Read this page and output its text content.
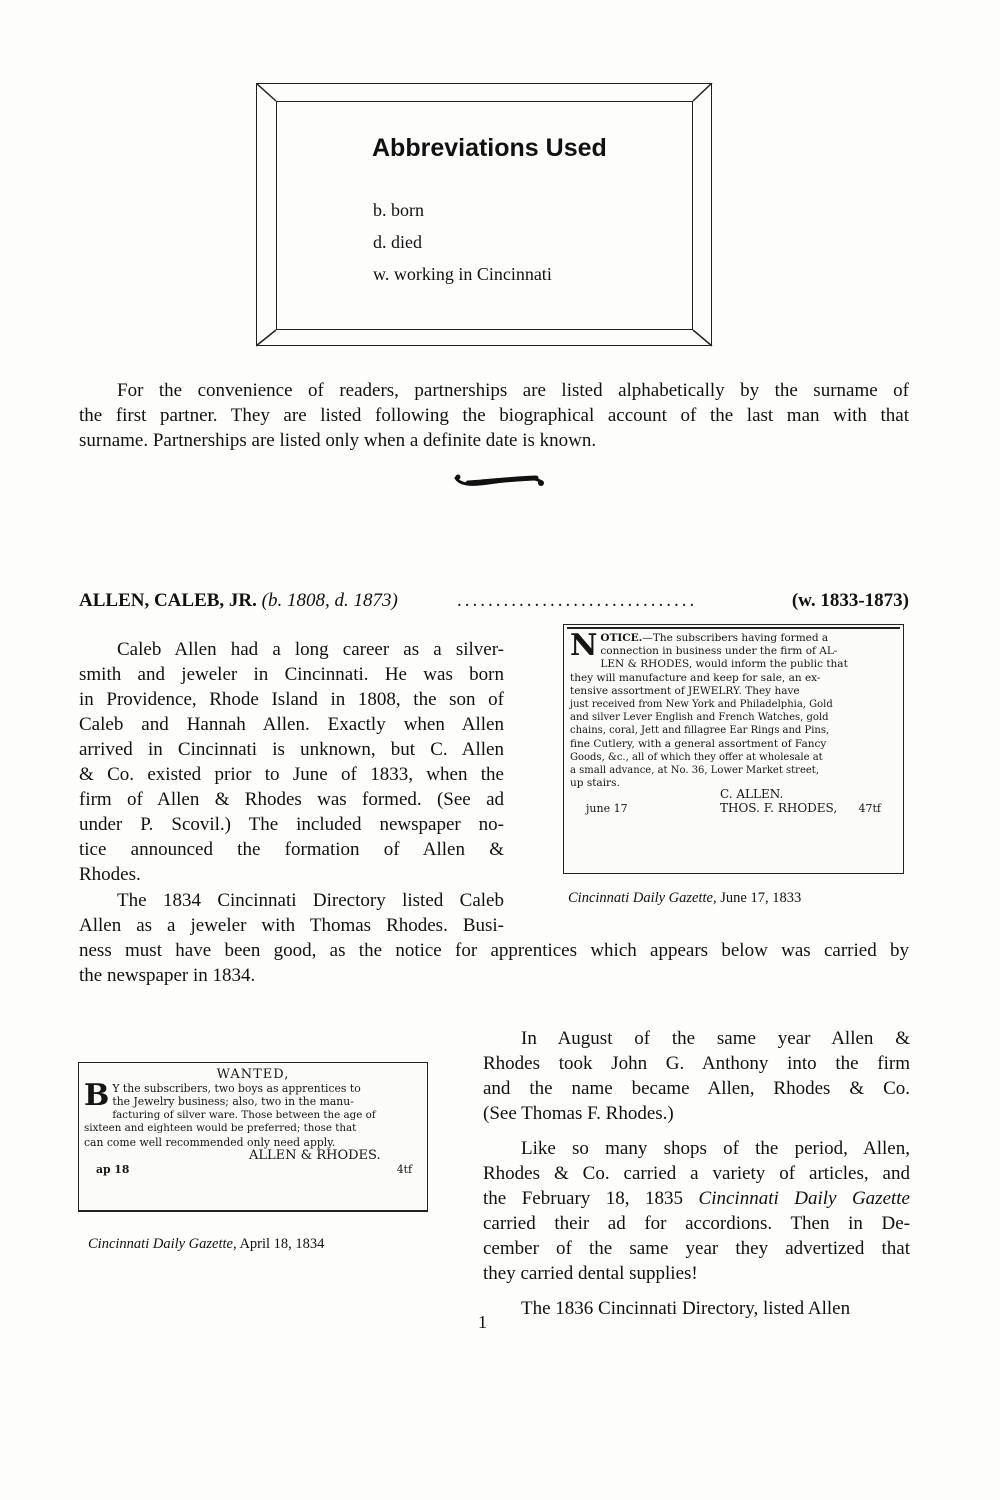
Abbreviations Used
b. born
d. died
w. working in Cincinnati
For the convenience of readers, partnerships are listed alphabetically by the surname of
the first partner. They are listed following the biographical account of the last man with that
surname. Partnerships are listed only when a definite date is known.
ALLEN, CALEB, JR. (b. 1808, d. 1873)	...............................	(w. 1833-1873)
Caleb Allen had a long career as a silver-
smith and jeweler in Cincinnati. He was born
in Providence, Rhode Island in 1808, the son of
Caleb and Hannah Allen. Exactly when Allen
arrived in Cincinnati is unknown, but C. Allen
& Co. existed prior to June of 1833, when the
firm of Allen & Rhodes was formed. (See ad
under P. Scovil.) The included newspaper no-
tice announced the formation of Allen &
Rhodes.
The 1834 Cincinnati Directory listed Caleb
Allen as a jeweler with Thomas Rhodes. Busi-
ness must have been good, as the notice for apprentices which appears below was carried by
the newspaper in 1834.
N OTICE.—The subscribers having formed a
connection in business under the firm of AL-
LEN & RHODES, would inform the public that
they will manufacture and keep for sale, an ex-
tensive assortment of JEWELRY. They have
just received from New York and Philadelphia, Gold
and silver Lever English and French Watches, gold
chains, coral, Jett and fillagree Ear Rings and Pins,
fine Cutlery, with a general assortment of Fancy
Goods, &c., all of which they offer at wholesale at
a small advance, at No. 36, Lower Market street,
up stairs.
C. ALLEN.
THOS. F. RHODES,
june 17	47tf
Cincinnati Daily Gazette, June 17, 1833
WANTED,
B Y the subscribers, two boys as apprentices to
the Jewelry business; also, two in the manu-
facturing of silver ware. Those between the age of
sixteen and eighteen would be preferred; those that
can come well recommended only need apply.
ALLEN & RHODES.
ap 18	4tf
Cincinnati Daily Gazette, April 18, 1834
In August of the same year Allen &
Rhodes took John G. Anthony into the firm
and the name became Allen, Rhodes & Co.
(See Thomas F. Rhodes.)
Like so many shops of the period, Allen,
Rhodes & Co. carried a variety of articles, and
the February 18, 1835 Cincinnati Daily Gazette
carried their ad for accordions. Then in De-
cember of the same year they advertized that
they carried dental supplies!
The 1836 Cincinnati Directory, listed Allen
1
